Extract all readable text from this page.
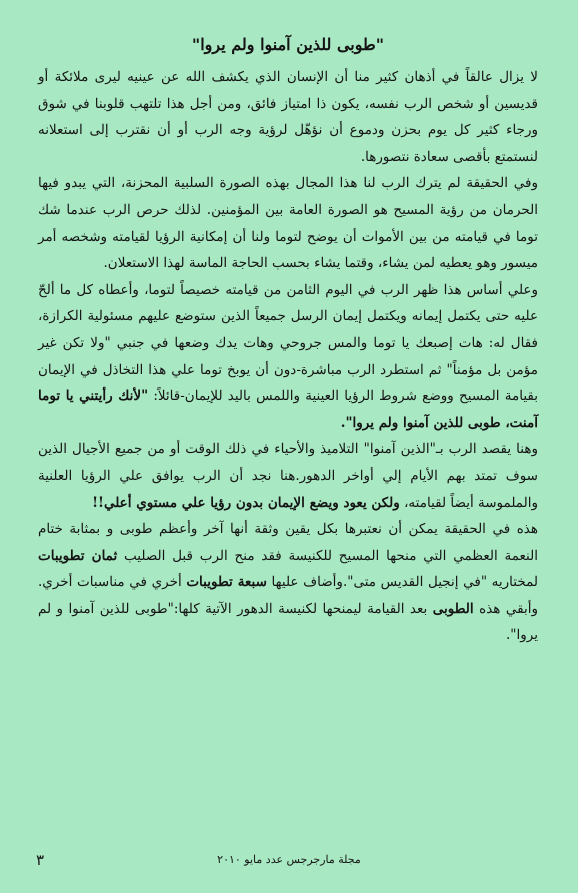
"طوبى للذين آمنوا ولم يروا"

لا يزال عالقاً في أذهان كثير منا أن الإنسان الذي يكشف الله عن عينيه ليرى ملائكة أو قديسين أو شخص الرب نفسه، يكون ذا امتياز فائق، ومن أجل هذا تلتهب قلوبنا في شوق ورجاء كثير كل يوم بحزن ودموع أن نؤهّل لرؤية وجه الرب أو أن نقترب إلى استعلانه لنستمتع بأقصى سعادة نتصورها.

وفي الحقيقة لم يترك الرب لنا هذا المجال بهذه الصورة السلبية المحزنة، التي يبدو فيها الحرمان من رؤية المسيح هو الصورة العامة بين المؤمنين. لذلك حرص الرب عندما شك توما في قيامته من بين الأموات أن يوضح لتوما ولنا أن إمكانية الرؤيا لقيامته وشخصه أمر ميسور وهو يعطيه لمن يشاء، وقتما يشاء بحسب الحاجة الماسة لهذا الاستعلان.

وعلي أساس هذا ظهر الرب في اليوم الثامن من قيامته خصيصاً لتوما، وأعطاه كل ما ألحّ عليه حتى يكتمل إيمانه ويكتمل إيمان الرسل جميعاً الذين ستوضع عليهم مسئولية الكرازة، فقال له: هات إصبعك يا توما والمس جروحي وهات يدك وضعها في جنبي "ولا تكن غير مؤمن بل مؤمناً" ثم استطرد الرب مباشرة-دون أن يوبخ توما علي هذا التخاذل في الإيمان بقيامة المسيح ووضع شروط الرؤيا العينية واللمس باليد للإيمان-قائلاً: "لأنك رأيتني يا توما آمنت، طوبى للذين آمنوا ولم يروا".

وهنا يقصد الرب بـ"الذين آمنوا" التلاميذ والأحياء في ذلك الوقت أو من جميع الأجيال الذين سوف تمتد بهم الأيام إلي أواخر الدهور.هنا نجد أن الرب يوافق علي الرؤيا العلنية والملموسة أيضاً لقيامته، ولكن يعود ويضع الإيمان بدون رؤيا علي مستوي أعلي!!

هذه في الحقيقة يمكن أن نعتبرها بكل يقين وثقة أنها آخر وأعظم طوبى و بمثابة ختام النعمة العظمي التي منحها المسيح للكنيسة فقد منح الرب قبل الصليب ثمان تطويبات لمختاريه "في إنجيل القديس متى".وأضاف عليها سبعة تطويبات أخري في مناسبات أخري. وأبقي هذه الطوبى بعد القيامة ليمنحها لكنيسة الدهور الآتية كلها:"طوبى للذين آمنوا و لم يروا".

٣	مجلة مارجرجس عدد مايو ٢٠١٠
